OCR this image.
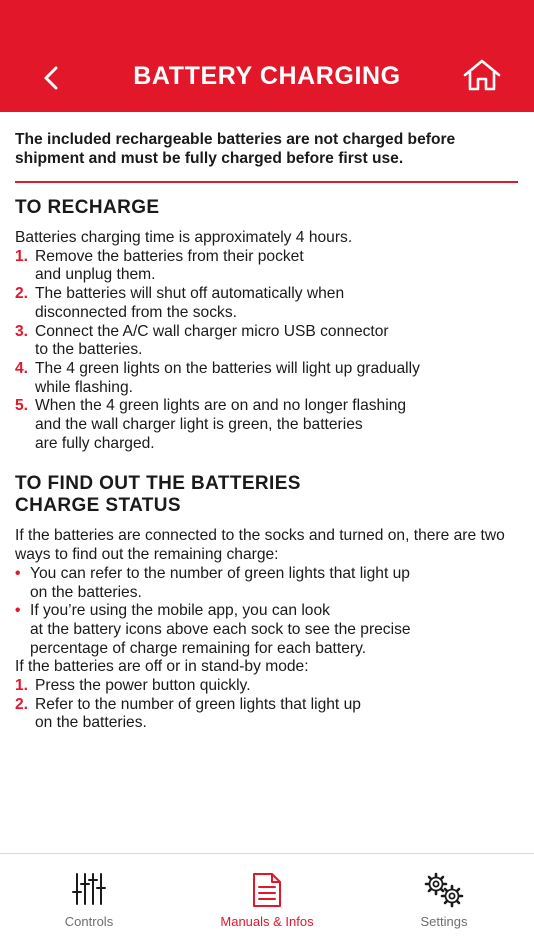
BATTERY CHARGING
The included rechargeable batteries are not charged before shipment and must be fully charged before first use.
TO RECHARGE
Batteries charging time is approximately 4 hours.
1. Remove the batteries from their pocket
and unplug them.
2. The batteries will shut off automatically when
disconnected from the socks.
3. Connect the A/C wall charger micro USB connector
to the batteries.
4. The 4 green lights on the batteries will light up gradually
while flashing.
5. When the 4 green lights are on and no longer flashing
and the wall charger light is green, the batteries
are fully charged.
TO FIND OUT THE BATTERIES
CHARGE STATUS
If the batteries are connected to the socks and turned on, there are two ways to find out the remaining charge:
• You can refer to the number of green lights that light up
on the batteries.
• If you’re using the mobile app, you can look
at the battery icons above each sock to see the precise
percentage of charge remaining for each battery.
If the batteries are off or in stand-by mode:
1. Press the power button quickly.
2. Refer to the number of green lights that light up
on the batteries.
Controls	Manuals & Infos	Settings
